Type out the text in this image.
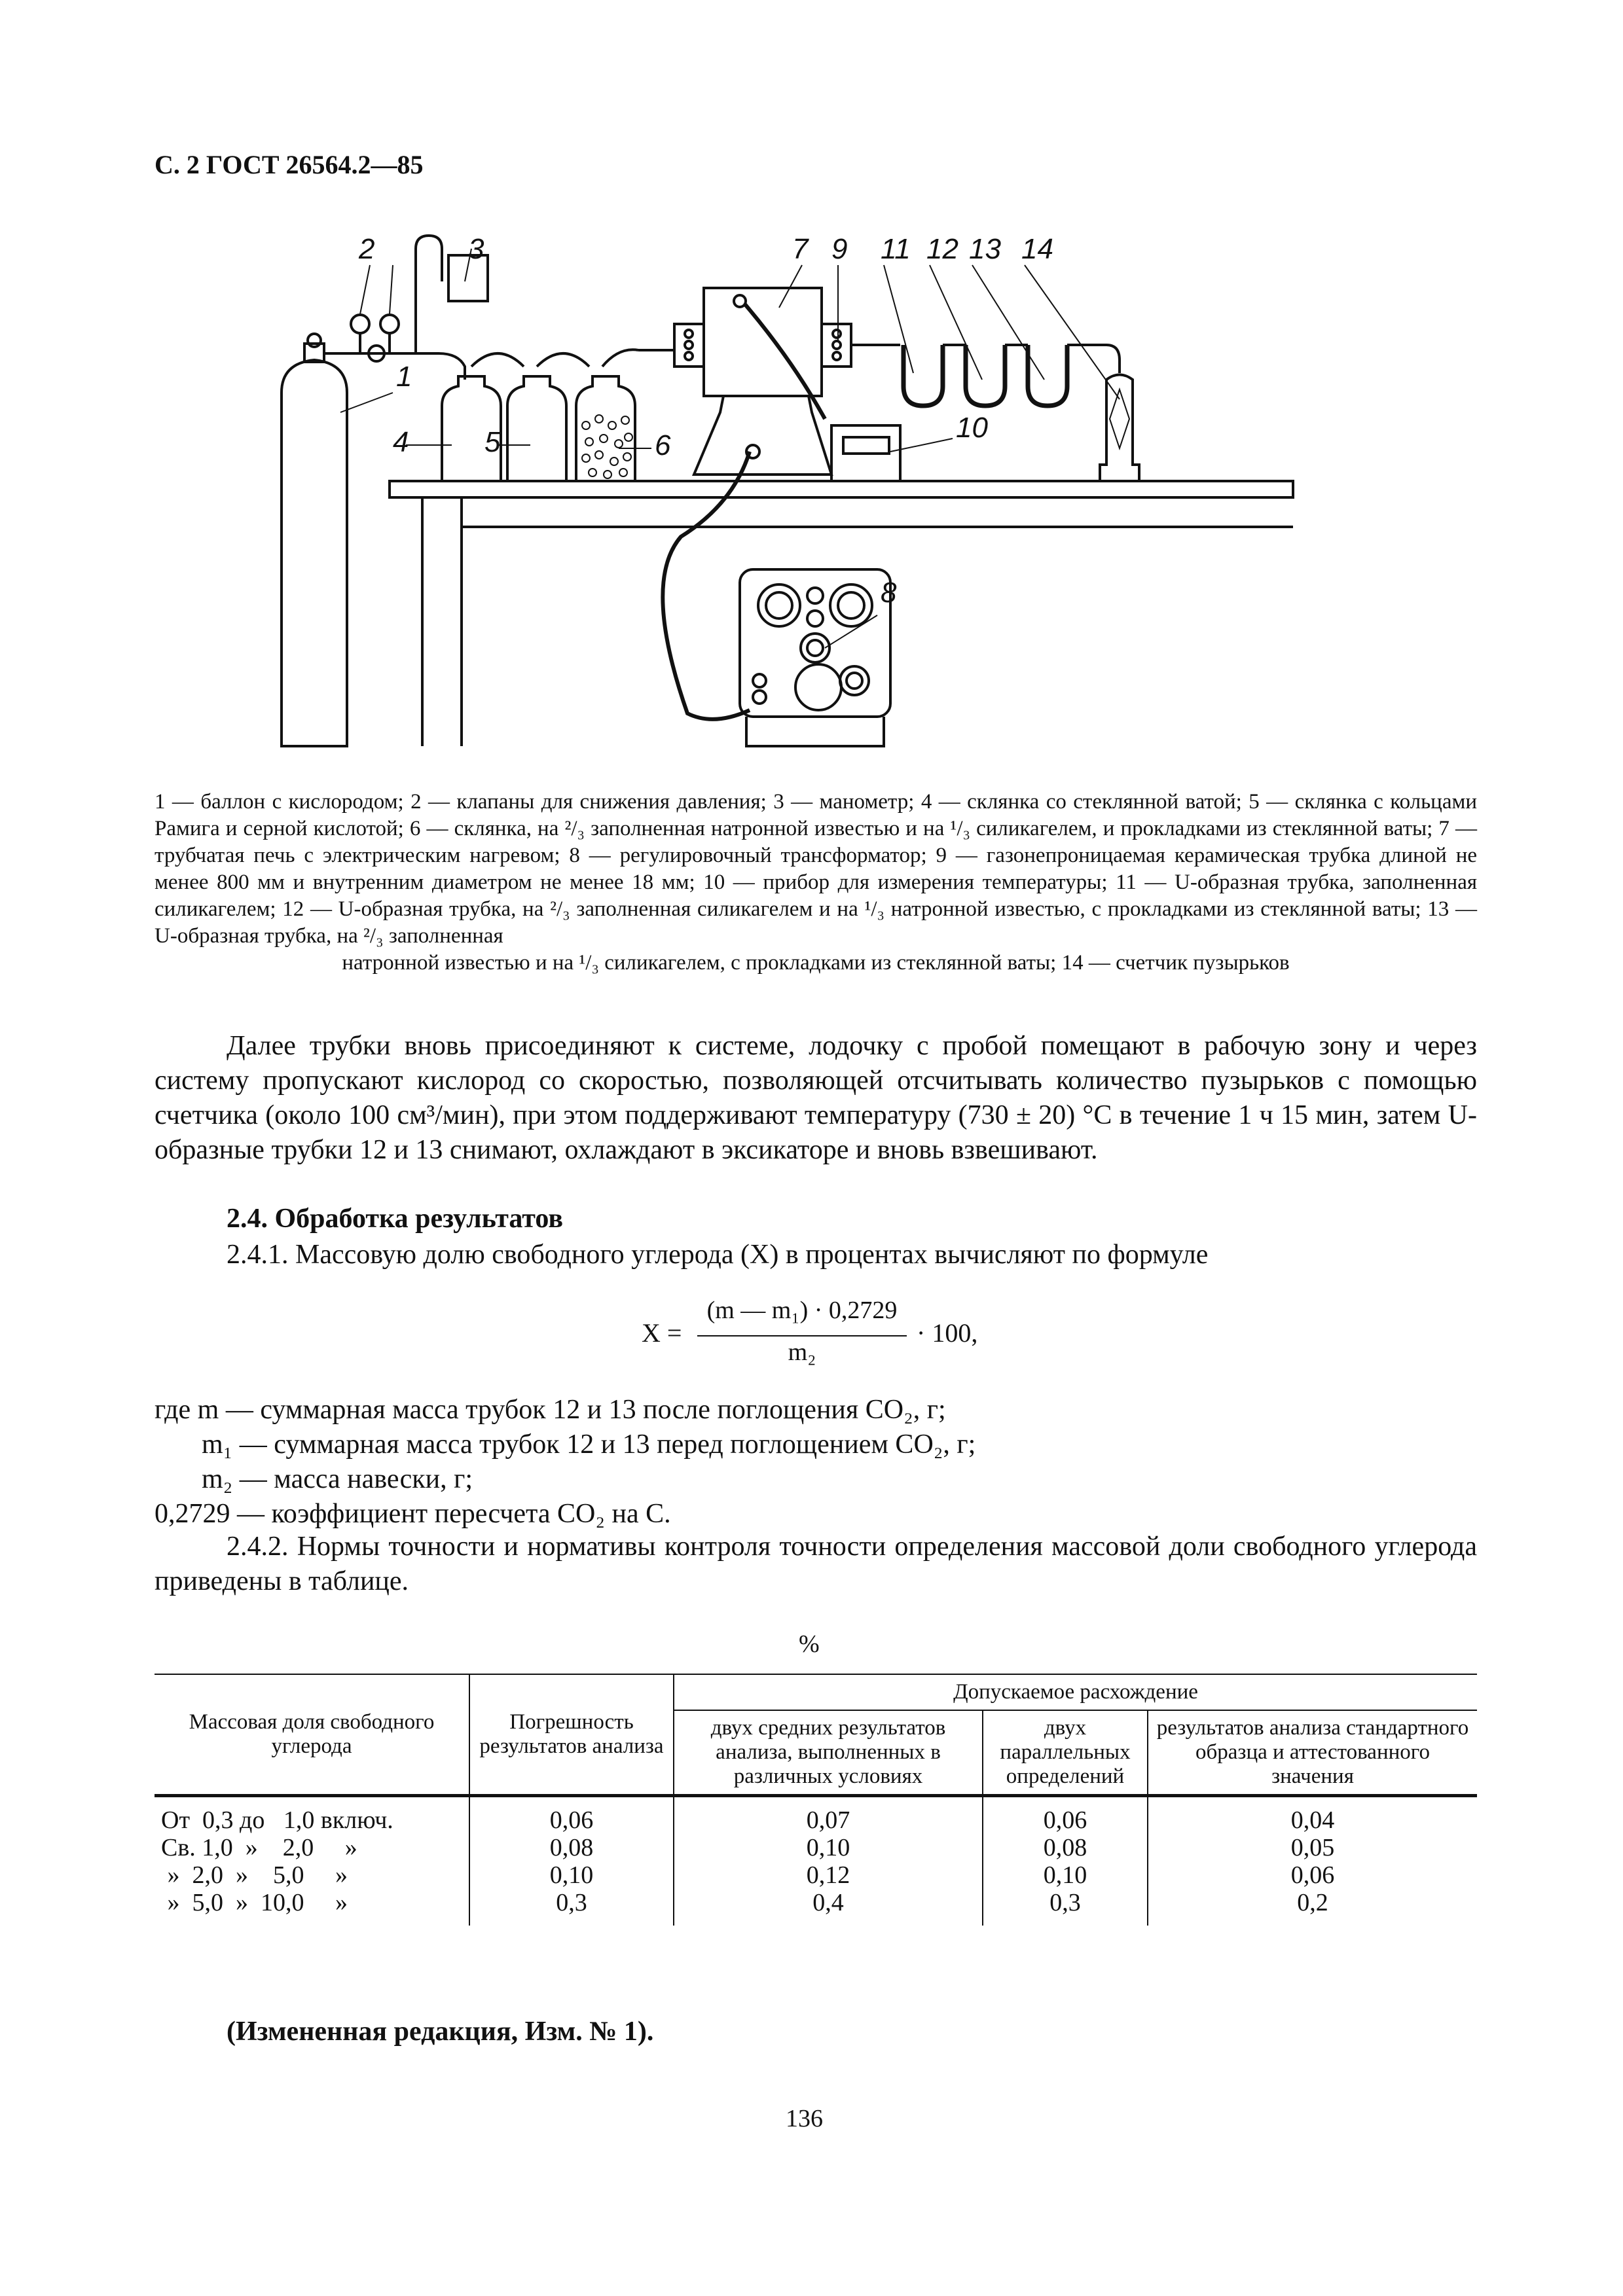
С. 2 ГОСТ 26564.2—85
2	3
1
4	5	6
7 9 11 12 13 14
10
8
1 — баллон с кислородом; 2 — клапаны для снижения давления; 3 — манометр; 4 — склянка со стеклянной ватой; 5 — склянка с кольцами Рамига и серной кислотой; 6 — склянка, на ²/₃ заполненная натронной известью и на ¹/₃ силикагелем, и прокладками из стеклянной ваты; 7 — трубчатая печь с электрическим нагревом; 8 — регулировочный трансформатор; 9 — газонепроницаемая керамическая трубка длиной не менее 800 мм и внутренним диаметром не менее 18 мм; 10 — прибор для измерения температуры; 11 — U-образная трубка, заполненная силикагелем; 12 — U-образная трубка, на ²/₃ заполненная силикагелем и на ¹/₃ натронной известью, с прокладками из стеклянной ваты; 13 — U-образная трубка, на ²/₃ заполненная
натронной известью и на ¹/₃ силикагелем, с прокладками из стеклянной ваты; 14 — счетчик пузырьков
Далее трубки вновь присоединяют к системе, лодочку с пробой помещают в рабочую зону и через систему пропускают кислород со скоростью, позволяющей отсчитывать количество пузырьков с помощью счетчика (около 100 см³/мин), при этом поддерживают температуру (730 ± 20) °С в течение 1 ч 15 мин, затем U-образные трубки 12 и 13 снимают, охлаждают в эксикаторе и вновь взвешивают.
2.4. Обработка результатов
2.4.1. Массовую долю свободного углерода (X) в процентах вычисляют по формуле
X =
(m — m₁) · 0,2729
m₂
· 100,
где m — суммарная масса трубок 12 и 13 после поглощения CO₂, г;
m₁ — суммарная масса трубок 12 и 13 перед поглощением CO₂, г;
m₂ — масса навески, г;
0,2729 — коэффициент пересчета CO₂ на C.
2.4.2. Нормы точности и нормативы контроля точности определения массовой доли свободного углерода приведены в таблице.
%
Массовая доля свободного углерода	Погрешность результатов анализа	Допускаемое расхождение		
		двух средних результатов анализа, выполненных в различных условиях	двух параллельных определений	результатов анализа стандартного образца и аттестованного значения
От  0,3 до   1,0 включ.	0,06	0,07	0,06	0,04
Св. 1,0  »    2,0     »	0,08	0,10	0,08	0,05
»  2,0  »    5,0     »	0,10	0,12	0,10	0,06
»  5,0  »  10,0     »	0,3	0,4	0,3	0,2
(Измененная редакция, Изм. № 1).
136
